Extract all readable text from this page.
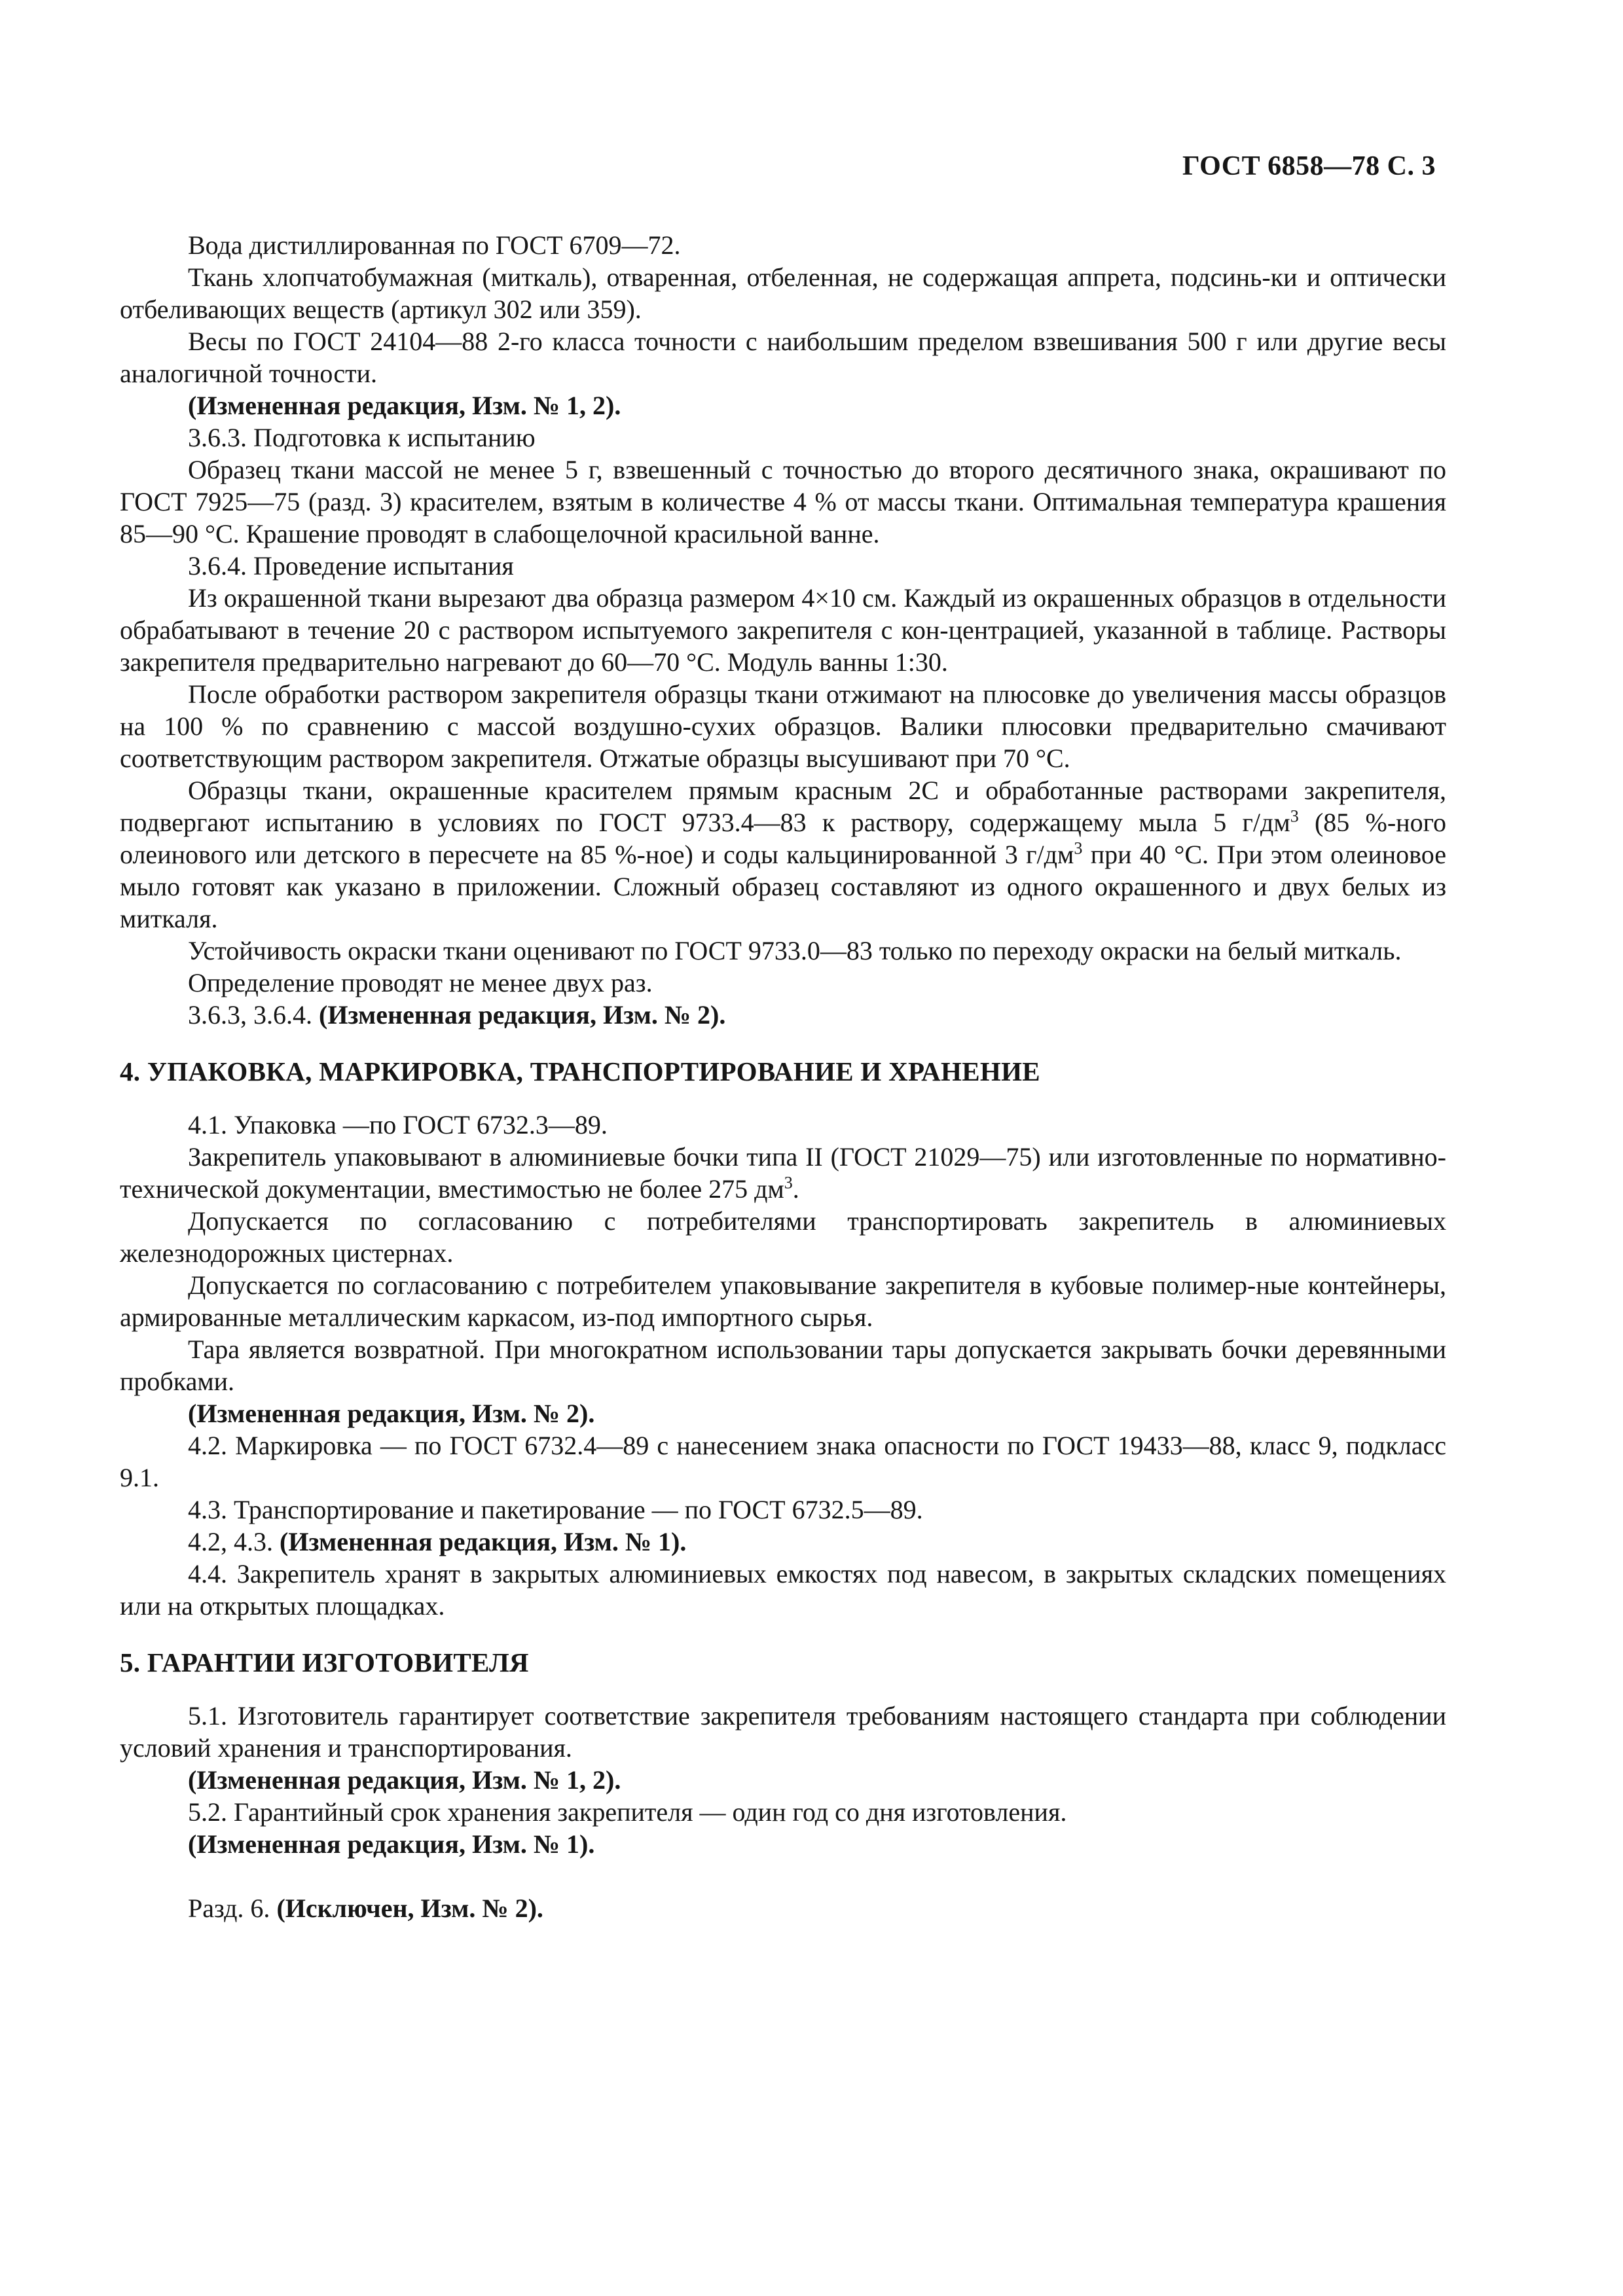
ГОСТ 6858—78 С. 3

Вода дистиллированная по ГОСТ 6709—72.

Ткань хлопчатобумажная (миткаль), отваренная, отбеленная, не содержащая аппрета, подсинь-ки и оптически отбеливающих веществ (артикул 302 или 359).

Весы по ГОСТ 24104—88 2-го класса точности с наибольшим пределом взвешивания 500 г или другие весы аналогичной точности.

(Измененная редакция, Изм. № 1, 2).

3.6.3. Подготовка к испытанию

Образец ткани массой не менее 5 г, взвешенный с точностью до второго десятичного знака, окрашивают по ГОСТ 7925—75 (разд. 3) красителем, взятым в количестве 4 % от массы ткани. Оптимальная температура крашения 85—90 °С. Крашение проводят в слабощелочной красильной ванне.

3.6.4. Проведение испытания

Из окрашенной ткани вырезают два образца размером 4×10 см. Каждый из окрашенных образцов в отдельности обрабатывают в течение 20 с раствором испытуемого закрепителя с кон-центрацией, указанной в таблице. Растворы закрепителя предварительно нагревают до 60—70 °С. Модуль ванны 1:30.

После обработки раствором закрепителя образцы ткани отжимают на плюсовке до увеличения массы образцов на 100 % по сравнению с массой воздушно-сухих образцов. Валики плюсовки предварительно смачивают соответствующим раствором закрепителя. Отжатые образцы высушивают при 70 °С.

Образцы ткани, окрашенные красителем прямым красным 2С и обработанные растворами закрепителя, подвергают испытанию в условиях по ГОСТ 9733.4—83 к раствору, содержащему мыла 5 $г/дм^3$ (85 %-ного олеинового или детского в пересчете на 85 %-ное) и соды кальцинированной 3 $г/дм^3$ при 40 °С. При этом олеиновое мыло готовят как указано в приложении. Сложный образец составляют из одного окрашенного и двух белых из миткаля.

Устойчивость окраски ткани оценивают по ГОСТ 9733.0—83 только по переходу окраски на белый миткаль.

Определение проводят не менее двух раз.

3.6.3, 3.6.4. (Измененная редакция, Изм. № 2).

4. УПАКОВКА, МАРКИРОВКА, ТРАНСПОРТИРОВАНИЕ И ХРАНЕНИЕ

4.1. Упаковка —по ГОСТ 6732.3—89.

Закрепитель упаковывают в алюминиевые бочки типа II (ГОСТ 21029—75) или изготовленные по нормативно-технической документации, вместимостью не более 275 $дм^3$.

Допускается по согласованию с потребителями транспортировать закрепитель в алюминиевых железнодорожных цистернах.

Допускается по согласованию с потребителем упаковывание закрепителя в кубовые полимер-ные контейнеры, армированные металлическим каркасом, из-под импортного сырья.

Тара является возвратной. При многократном использовании тары допускается закрывать бочки деревянными пробками.

(Измененная редакция, Изм. № 2).

4.2. Маркировка — по ГОСТ 6732.4—89 с нанесением знака опасности по ГОСТ 19433—88, класс 9, подкласс 9.1.

4.3. Транспортирование и пакетирование — по ГОСТ 6732.5—89.

4.2, 4.3. (Измененная редакция, Изм. № 1).

4.4. Закрепитель хранят в закрытых алюминиевых емкостях под навесом, в закрытых складских помещениях или на открытых площадках.

5. ГАРАНТИИ ИЗГОТОВИТЕЛЯ

5.1. Изготовитель гарантирует соответствие закрепителя требованиям настоящего стандарта при соблюдении условий хранения и транспортирования.

(Измененная редакция, Изм. № 1, 2).

5.2. Гарантийный срок хранения закрепителя — один год со дня изготовления.

(Измененная редакция, Изм. № 1).

Разд. 6. (Исключен, Изм. № 2).
